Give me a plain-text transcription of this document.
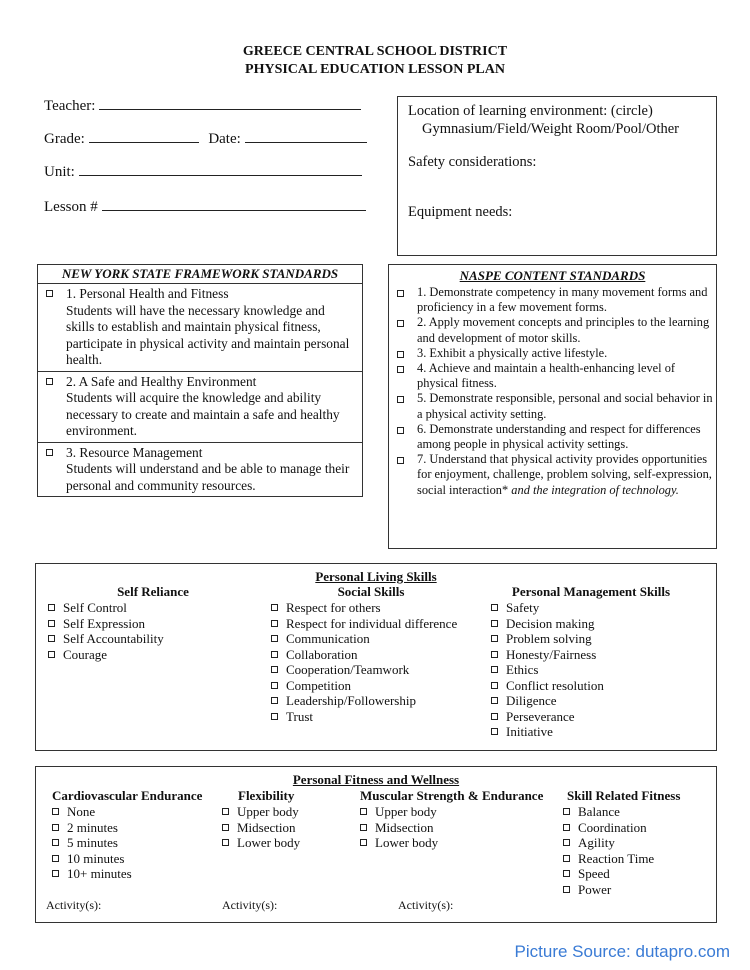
GREECE CENTRAL SCHOOL DISTRICT
PHYSICAL EDUCATION LESSON PLAN
Teacher:
Grade:	Date:
Unit:
Lesson #
Location of learning environment: (circle)
Gymnasium/Field/Weight Room/Pool/Other
Safety considerations:
Equipment needs:
NEW YORK STATE FRAMEWORK STANDARDS
1. Personal Health and Fitness
Students will have the necessary knowledge and skills to establish and maintain physical fitness, participate in physical activity and maintain personal health.
2. A Safe and Healthy Environment
Students will acquire the knowledge and ability necessary to create and maintain a safe and healthy environment.
3. Resource Management
Students will understand and be able to manage their personal and community resources.
NASPE CONTENT STANDARDS
1. Demonstrate competency in many movement forms and proficiency in a few movement forms.
2. Apply movement concepts and principles to the learning and development of motor skills.
3. Exhibit a physically active lifestyle.
4. Achieve and maintain a health-enhancing level of physical fitness.
5. Demonstrate responsible, personal and social behavior in a physical activity setting.
6. Demonstrate understanding and respect for differences among people in physical activity settings.
7. Understand that physical activity provides opportunities for enjoyment, challenge, problem solving, self-expression, social interaction* and the integration of technology.
Personal Living Skills
Self Reliance
Self Control
Self Expression
Self Accountability
Courage
Social Skills
Respect for others
Respect for individual difference
Communication
Collaboration
Cooperation/Teamwork
Competition
Leadership/Followership
Trust
Personal Management Skills
Safety
Decision making
Problem solving
Honesty/Fairness
Ethics
Conflict resolution
Diligence
Perseverance
Initiative
Personal Fitness and Wellness
Cardiovascular Endurance
None
2 minutes
5 minutes
10 minutes
10+ minutes
Flexibility
Upper body
Midsection
Lower body
Muscular Strength & Endurance
Upper body
Midsection
Lower body
Skill Related Fitness
Balance
Coordination
Agility
Reaction Time
Speed
Power
Activity(s):	Activity(s):	Activity(s):
Picture Source: dutapro.com
